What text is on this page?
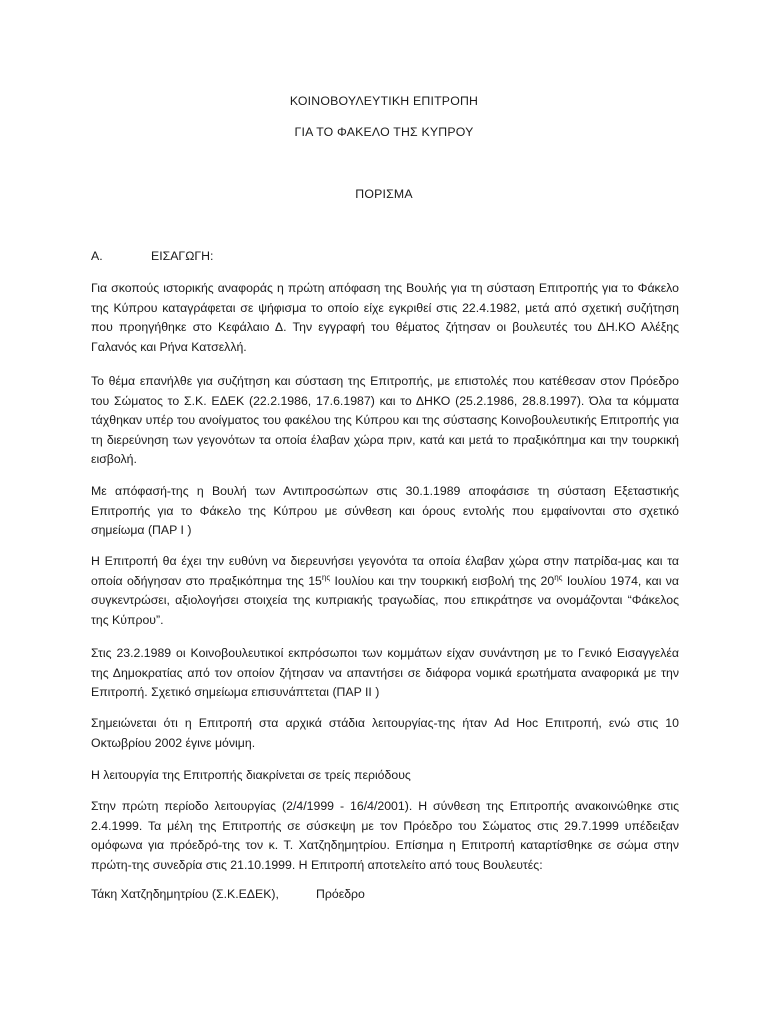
ΚΟΙΝΟΒΟΥΛΕΥΤΙΚΗ ΕΠΙΤΡΟΠΗ
ΓΙΑ ΤΟ ΦΑΚΕΛΟ ΤΗΣ ΚΥΠΡΟΥ
ΠΟΡΙΣΜΑ
Α.	ΕΙΣΑΓΩΓΗ:

Για σκοπούς ιστορικής αναφοράς η πρώτη απόφαση της Βουλής για τη σύσταση Επιτροπής για το Φάκελο της Κύπρου καταγράφεται σε ψήφισμα το οποίο είχε εγκριθεί στις 22.4.1982, μετά από σχετική συζήτηση που προηγήθηκε στο Κεφάλαιο Δ. Την εγγραφή του θέματος ζήτησαν οι βουλευτές του ΔΗ.ΚΟ Αλέξης Γαλανός και Ρήνα Κατσελλή.

Το θέμα επανήλθε για συζήτηση και σύσταση της Επιτροπής, με επιστολές που κατέθεσαν στον Πρόεδρο του Σώματος το Σ.Κ. ΕΔΕΚ (22.2.1986, 17.6.1987) και το ΔΗΚΟ (25.2.1986, 28.8.1997). Όλα τα κόμματα τάχθηκαν υπέρ του ανοίγματος του φακέλου της Κύπρου και της σύστασης Κοινοβουλευτικής Επιτροπής για τη διερεύνηση των γεγονότων τα οποία έλαβαν χώρα πριν, κατά και μετά το πραξικόπημα και την τουρκική εισβολή.

Με απόφασή-της η Βουλή των Αντιπροσώπων στις 30.1.1989 αποφάσισε τη σύσταση Εξεταστικής Επιτροπής για το Φάκελο της Κύπρου με σύνθεση και όρους εντολής που εμφαίνονται στο σχετικό σημείωμα (ΠΑΡ Ι )

Η Επιτροπή θα έχει την ευθύνη να διερευνήσει γεγονότα τα οποία έλαβαν χώρα στην πατρίδα-μας και τα οποία οδήγησαν στο πραξικόπημα της $15^{\eta\varsigma}$ Ιουλίου και την τουρκική εισβολή της $20^{\eta\varsigma}$ Ιουλίου 1974, και να συγκεντρώσει, αξιολογήσει στοιχεία της κυπριακής τραγωδίας, που επικράτησε να ονομάζονται “Φάκελος της Κύπρου”.

Στις 23.2.1989 οι Κοινοβουλευτικοί εκπρόσωποι των κομμάτων είχαν συνάντηση με το Γενικό Εισαγγελέα της Δημοκρατίας από τον οποίον ζήτησαν να απαντήσει σε διάφορα νομικά ερωτήματα αναφορικά με την Επιτροπή. Σχετικό σημείωμα επισυνάπτεται (ΠΑΡ ΙΙ )

Σημειώνεται ότι η Επιτροπή στα αρχικά στάδια λειτουργίας-της ήταν Ad Hoc Επιτροπή, ενώ στις 10 Οκτωβρίου 2002 έγινε μόνιμη.

Η λειτουργία της Επιτροπής διακρίνεται σε τρείς περιόδους

Στην πρώτη περίοδο λειτουργίας (2/4/1999 - 16/4/2001). Η σύνθεση της Επιτροπής ανακοινώθηκε στις 2.4.1999. Τα μέλη της Επιτροπής σε σύσκεψη με τον Πρόεδρο του Σώματος στις 29.7.1999 υπέδειξαν ομόφωνα για πρόεδρό-της τον κ. Τ. Χατζηδημητρίου. Επίσημα η Επιτροπή καταρτίσθηκε σε σώμα στην πρώτη-της συνεδρία στις 21.10.1999. Η Επιτροπή αποτελείτο από τους Βουλευτές:

Τάκη Χατζηδημητρίου (Σ.Κ.ΕΔΕΚ),	Πρόεδρο
